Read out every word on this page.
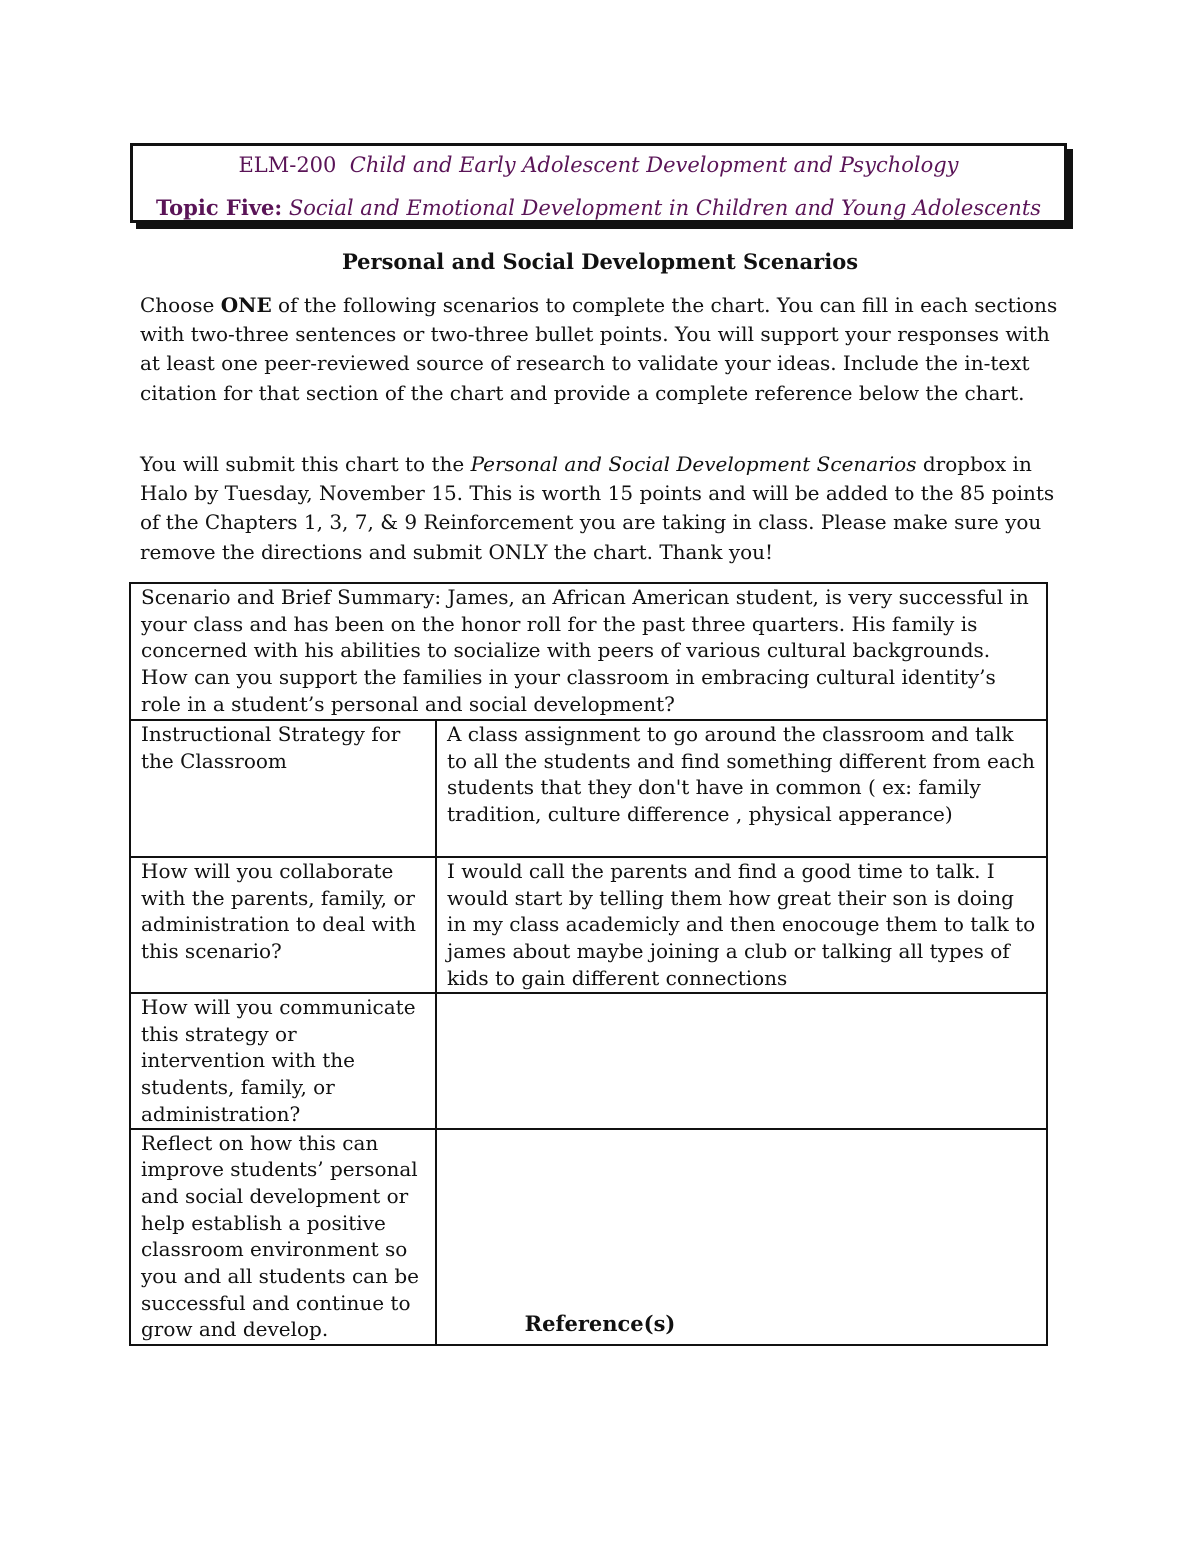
ELM-200 Child and Early Adolescent Development and Psychology
Topic Five: Social and Emotional Development in Children and Young Adolescents
Personal and Social Development Scenarios

Choose ONE of the following scenarios to complete the chart. You can fill in each sections with two-three sentences or two-three bullet points. You will support your responses with at least one peer-reviewed source of research to validate your ideas. Include the in-text citation for that section of the chart and provide a complete reference below the chart.

You will submit this chart to the Personal and Social Development Scenarios dropbox in Halo by Tuesday, November 15. This is worth 15 points and will be added to the 85 points of the Chapters 1, 3, 7, & 9 Reinforcement you are taking in class. Please make sure you remove the directions and submit ONLY the chart. Thank you!

Scenario and Brief Summary: James, an African American student, is very successful in your class and has been on the honor roll for the past three quarters. His family is concerned with his abilities to socialize with peers of various cultural backgrounds. How can you support the families in your classroom in embracing cultural identity’s role in a student’s personal and social development?	
Instructional Strategy for the Classroom	A class assignment to go around the classroom and talk to all the students and find something different from each students that they don't have in common ( ex: family tradition, culture difference , physical apperance)
How will you collaborate with the parents, family, or administration to deal with this scenario?	I would call the parents and find a good time to talk. I would start by telling them how great their son is doing in my class academicly and then enocouge them to talk to james about maybe joining a club or talking all types of kids to gain different connections
How will you communicate this strategy or intervention with the students, family, or administration?	
Reflect on how this can improve students’ personal and social development or help establish a positive classroom environment so you and all students can be successful and continue to grow and develop.		Reference(s)
